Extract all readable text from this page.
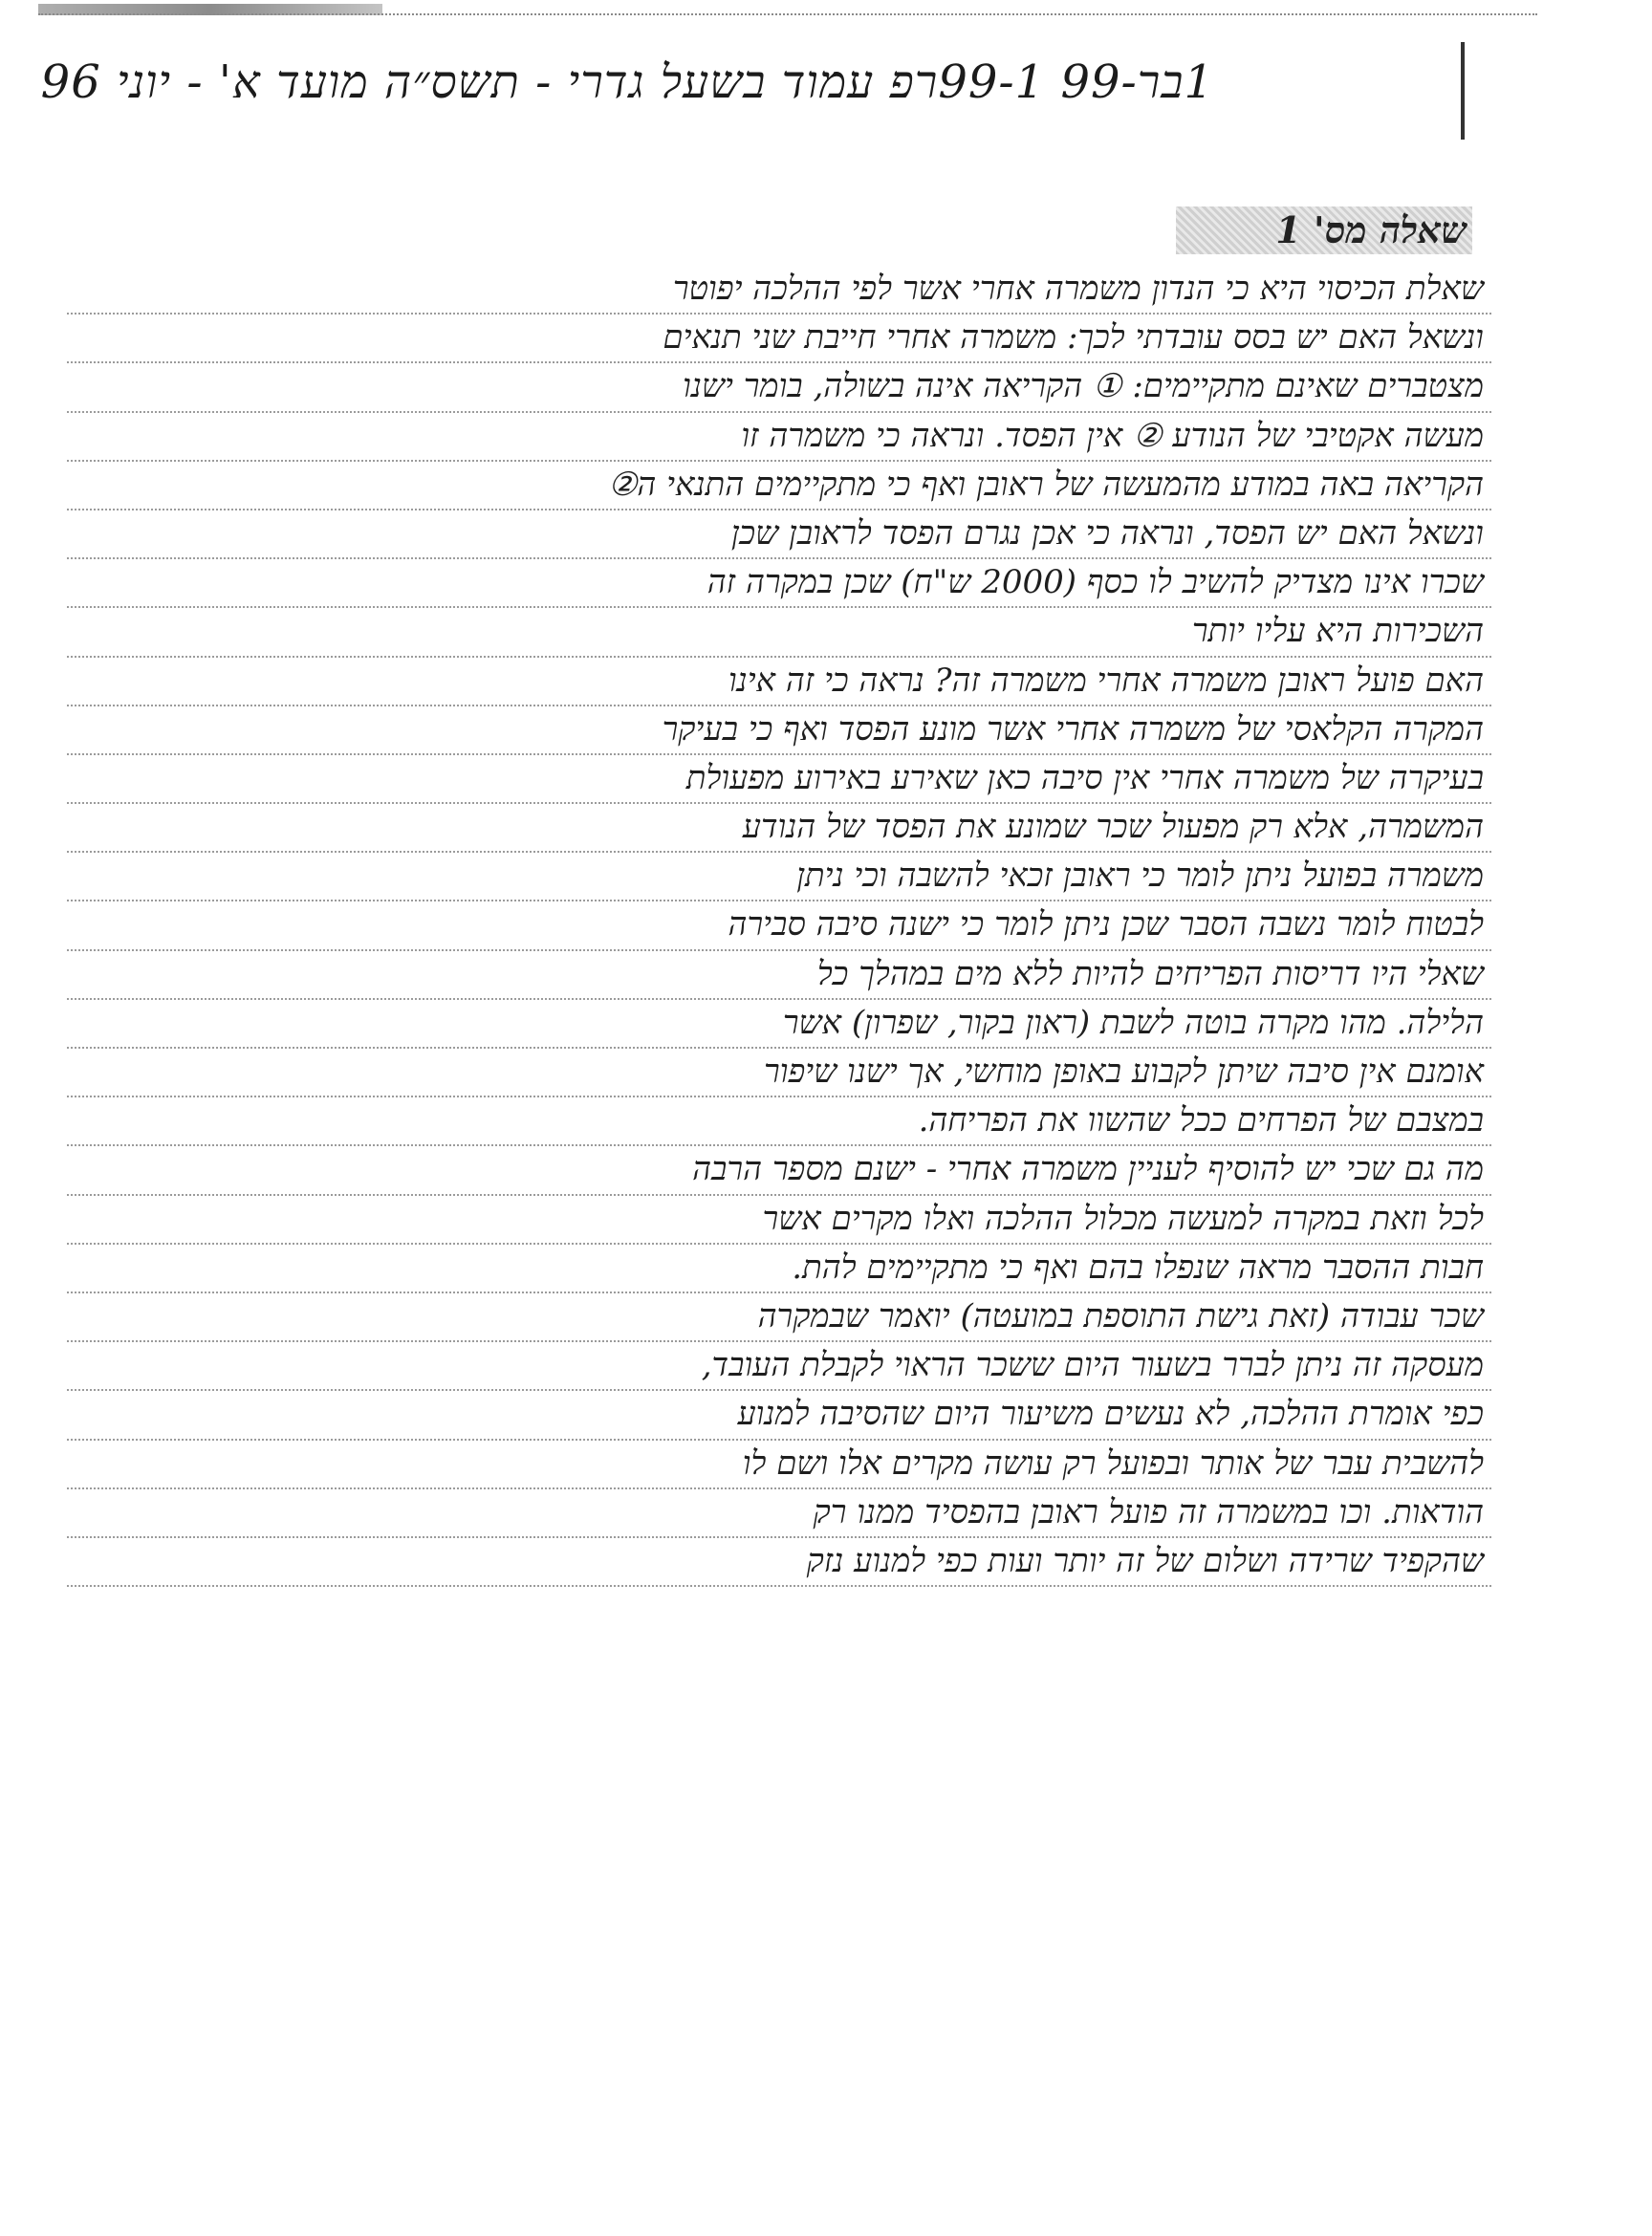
1בר-99 99-1רפ עמוד בשעל גדרי - תשס״ה מועד א' - יוני 96
שאלה מס' 1
שאלת הכיסוי היא כי הנדון משמרה אחרי אשר לפי ההלכה יפוטר
ונשאל האם יש בסס עובדתי לכך: משמרה אחרי חייבת שני תנאים
מצטברים שאינם מתקיימים: ① הקריאה אינה בשולה, בומר ישנו
מעשה אקטיבי של הנודע ② אין הפסד. ונראה כי משמרה זו
הקריאה באה במודע מהמעשה של ראובן ואף כי מתקיימים התנאי ה②
ונשאל האם יש הפסד, ונראה כי אכן נגרם הפסד לראובן שכן
שכרו אינו מצדיק להשיב לו כסף (2000 ש"ח) שכן במקרה זה
השכירות היא עליו יותר
האם פועל ראובן משמרה אחרי משמרה זה? נראה כי זה אינו
המקרה הקלאסי של משמרה אחרי אשר מונע הפסד ואף כי בעיקר
בעיקרה של משמרה אחרי אין סיבה כאן שאירע באירוע מפעולת
המשמרה, אלא רק מפעול שכר שמונע את הפסד של הנודע
משמרה בפועל ניתן לומר כי ראובן זכאי להשבה וכי ניתן
לבטוח לומר נשבה הסבר שכן ניתן לומר כי ישנה סיבה סבירה
שאלי היו דריסות הפריחים להיות ללא מים במהלך כל
הלילה. מהו מקרה בוטה לשבת (ראון בקור, שפרון) אשר
אומנם אין סיבה שיתן לקבוע באופן מוחשי, אך ישנו שיפור
במצבם של הפרחים ככל שהשוו את הפריחה.
מה גם שכי יש להוסיף לעניין משמרה אחרי - ישנם מספר הרבה
לכל וזאת במקרה למעשה מכלול ההלכה ואלו מקרים אשר
חבות ההסבר מראה שנפלו בהם ואף כי מתקיימים להת.
שכר עבודה (זאת גישת התוספת במועטה) יואמר שבמקרה
מעסקה זה ניתן לברר בשעור היום ששכר הראוי לקבלת העובד,
כפי אומרת ההלכה, לא נעשים משיעור היום שהסיבה למנוע
להשבית עבר של אותר ובפועל רק עושה מקרים אלו ושם לו
הודאות. וכו במשמרה זה פועל ראובן בהפסיד ממנו רק
שהקפיד שרידה ושלום של זה יותר ועות כפי למנוע נזק
